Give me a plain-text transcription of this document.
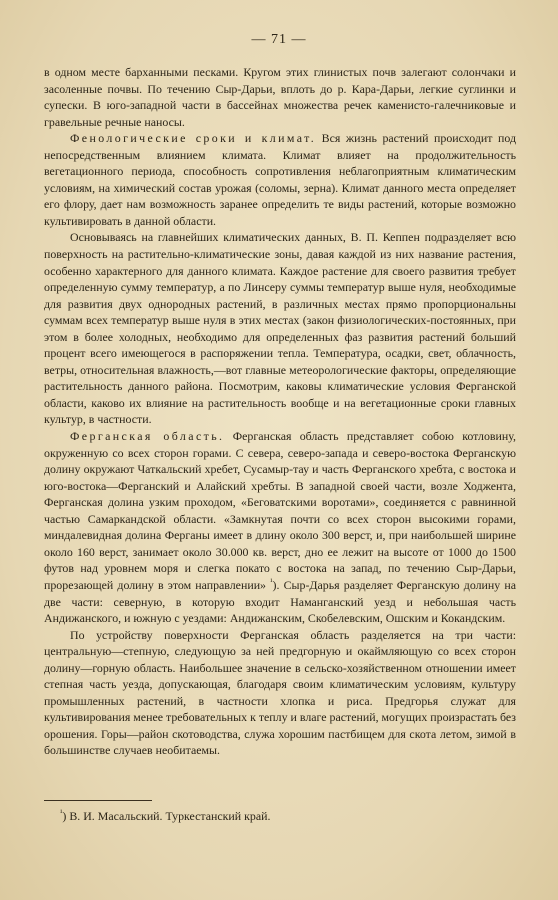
— 71 —

в одном месте барханными песками. Кругом этих глинистых почв залегают солончаки и засоленные почвы. По течению Сыр-Дарьи, вплоть до р. Кара-Дарьи, легкие суглинки и супески. В юго-западной части в бассейнах множества речек каменисто-галечниковые и гравельные речные наносы.

Фенологические сроки и климат. Вся жизнь растений происходит под непосредственным влиянием климата. Климат влияет на продолжительность вегетационного периода, способность сопротивления неблагоприятным климатическим условиям, на химический состав урожая (соломы, зерна). Климат данного места определяет его флору, дает нам возможность заранее определить те виды растений, которые возможно культивировать в данной области.

Основываясь на главнейших климатических данных, В. П. Кеппен подразделяет всю поверхность на растительно-климатические зоны, давая каждой из них название растения, особенно характерного для данного климата. Каждое растение для своего развития требует определенную сумму температур, а по Линсеру суммы температур выше нуля, необходимые для развития двух однородных растений, в различных местах прямо пропорциональны суммам всех температур выше нуля в этих местах (закон физиологических-постоянных, при этом в более холодных, необходимо для определенных фаз развития растений больший процент всего имеющегося в распоряжении тепла. Температура, осадки, свет, облачность, ветры, относительная влажность,—вот главные метеорологические факторы, определяющие растительность данного района. Посмотрим, каковы климатические условия Ферганской области, каково их влияние на растительность вообще и на вегетационные сроки главных культур, в частности.

Ферганская область. Ферганская область представляет собою котловину, окруженную со всех сторон горами. С севера, северо-запада и северо-востока Ферганскую долину окружают Чаткальский хребет, Сусамыр-тау и часть Ферганского хребта, с востока и юго-востока—Ферганский и Алайский хребты. В западной своей части, возле Ходжента, Ферганская долина узким проходом, «Беговатскими воротами», соединяется с равнинной частью Самаркандской области. «Замкнутая почти со всех сторон высокими горами, миндалевидная долина Ферганы имеет в длину около 300 верст, и, при наибольшей ширине около 160 верст, занимает около 30.000 кв. верст, дно ее лежит на высоте от 1000 до 1500 футов над уровнем моря и слегка покато с востока на запад, по течению Сыр-Дарьи, прорезающей долину в этом направлении» $^{^1}$). Сыр-Дарья разделяет Ферганскую долину на две части: северную, в которую входит Наманганский уезд и небольшая часть Андижанского, и южную с уездами: Андижанским, Скобелевским, Ошским и Кокандским.

По устройству поверхности Ферганская область разделяется на три части: центральную—степную, следующую за ней предгорную и окаймляющую со всех сторон долину—горную область. Наибольшее значение в сельско-хозяйственном отношении имеет степная часть уезда, допускающая, благодаря своим климатическим условиям, культуру промышленных растений, в частности хлопка и риса. Предгорья служат для культивирования менее требовательных к теплу и влаге растений, могущих произрастать без орошения. Горы—район скотоводства, служа хорошим пастбищем для скота летом, зимой в большинстве случаев необитаемы.

$^{^1}$) В. И. Масальский. Туркестанский край.
